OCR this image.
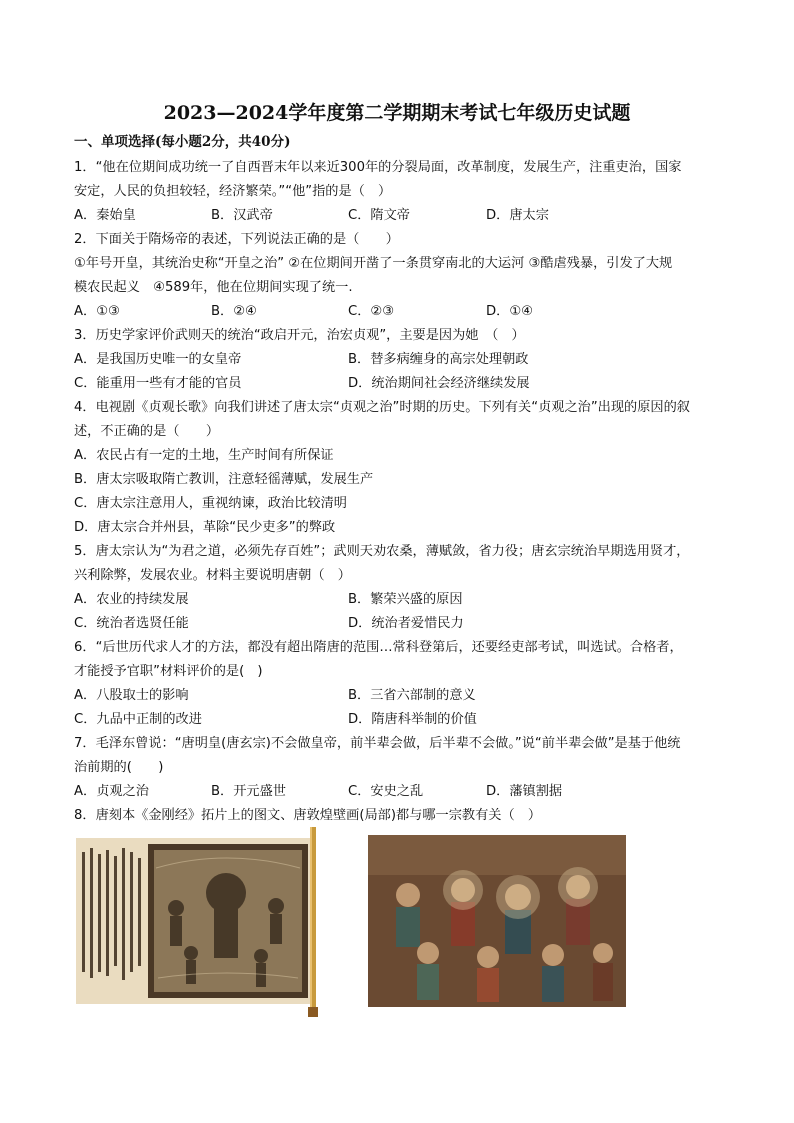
2023—2024学年度第二学期期末考试七年级历史试题
一、单项选择(每小题2分，共40分)
1．“他在位期间成功统一了自西晋末年以来近300年的分裂局面，改革制度，发展生产，注重吏治，国家
安定，人民的负担较轻，经济繁荣。”“他”指的是（　）
A．秦始皇	B．汉武帝	C．隋文帝	D．唐太宗
2．下面关于隋炀帝的表述，下列说法正确的是（　　）
①年号开皇，其统治史称“开皇之治” ②在位期间开凿了一条贯穿南北的大运河 ③酷虐残暴，引发了大规
模农民起义　④589年，他在位期间实现了统一.
A．①③	B．②④	C．②③	D．①④
3．历史学家评价武则天的统治“政启开元，治宏贞观”，主要是因为她　（　）
A．是我国历史唯一的女皇帝	B．替多病缠身的高宗处理朝政
C．能重用一些有才能的官员	D．统治期间社会经济继续发展
4．电视剧《贞观长歌》向我们讲述了唐太宗“贞观之治”时期的历史。下列有关“贞观之治”出现的原因的叙
述，不正确的是（　　）
A．农民占有一定的土地，生产时间有所保证
B．唐太宗吸取隋亡教训，注意轻徭薄赋，发展生产
C．唐太宗注意用人，重视纳谏，政治比较清明
D．唐太宗合并州县，革除“民少吏多”的弊政
5．唐太宗认为“为君之道，必须先存百姓”；武则天劝农桑，薄赋敛，省力役；唐玄宗统治早期选用贤才，
兴利除弊，发展农业。材料主要说明唐朝（　）
A．农业的持续发展	B．繁荣兴盛的原因
C．统治者选贤任能	D．统治者爱惜民力
6．“后世历代求人才的方法，都没有超出隋唐的范围…常科登第后，还要经吏部考试，叫选试。合格者，
才能授予官职”材料评价的是(　)
A．八股取士的影响	B．三省六部制的意义
C．九品中正制的改进	D．隋唐科举制的价值
7．毛泽东曾说：“唐明皇(唐玄宗)不会做皇帝，前半辈会做，后半辈不会做。”说“前半辈会做”是基于他统
治前期的(　　)
A．贞观之治	B．开元盛世	C．安史之乱	D．藩镇割据
8．唐刻本《金刚经》拓片上的图文、唐敦煌壁画(局部)都与哪一宗教有关（　）
